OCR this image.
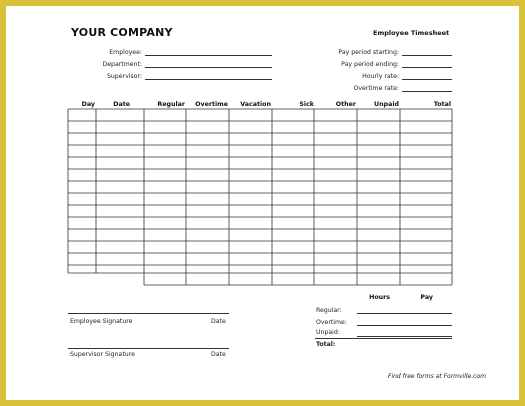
YOUR COMPANY	Employee Timesheet
Employee:
Department:
Supervisor:
Pay period starting:
Pay period ending:
Hourly rate:
Overtime rate:
Day	Date	Regular	Overtime	Vacation	Sick	Other	Unpaid	Total
Hours	Pay
Regular:
Overtime:
Unpaid:
Total:
Employee Signature	Date
Supervisor Signature	Date
Find free forms at Formville.com
